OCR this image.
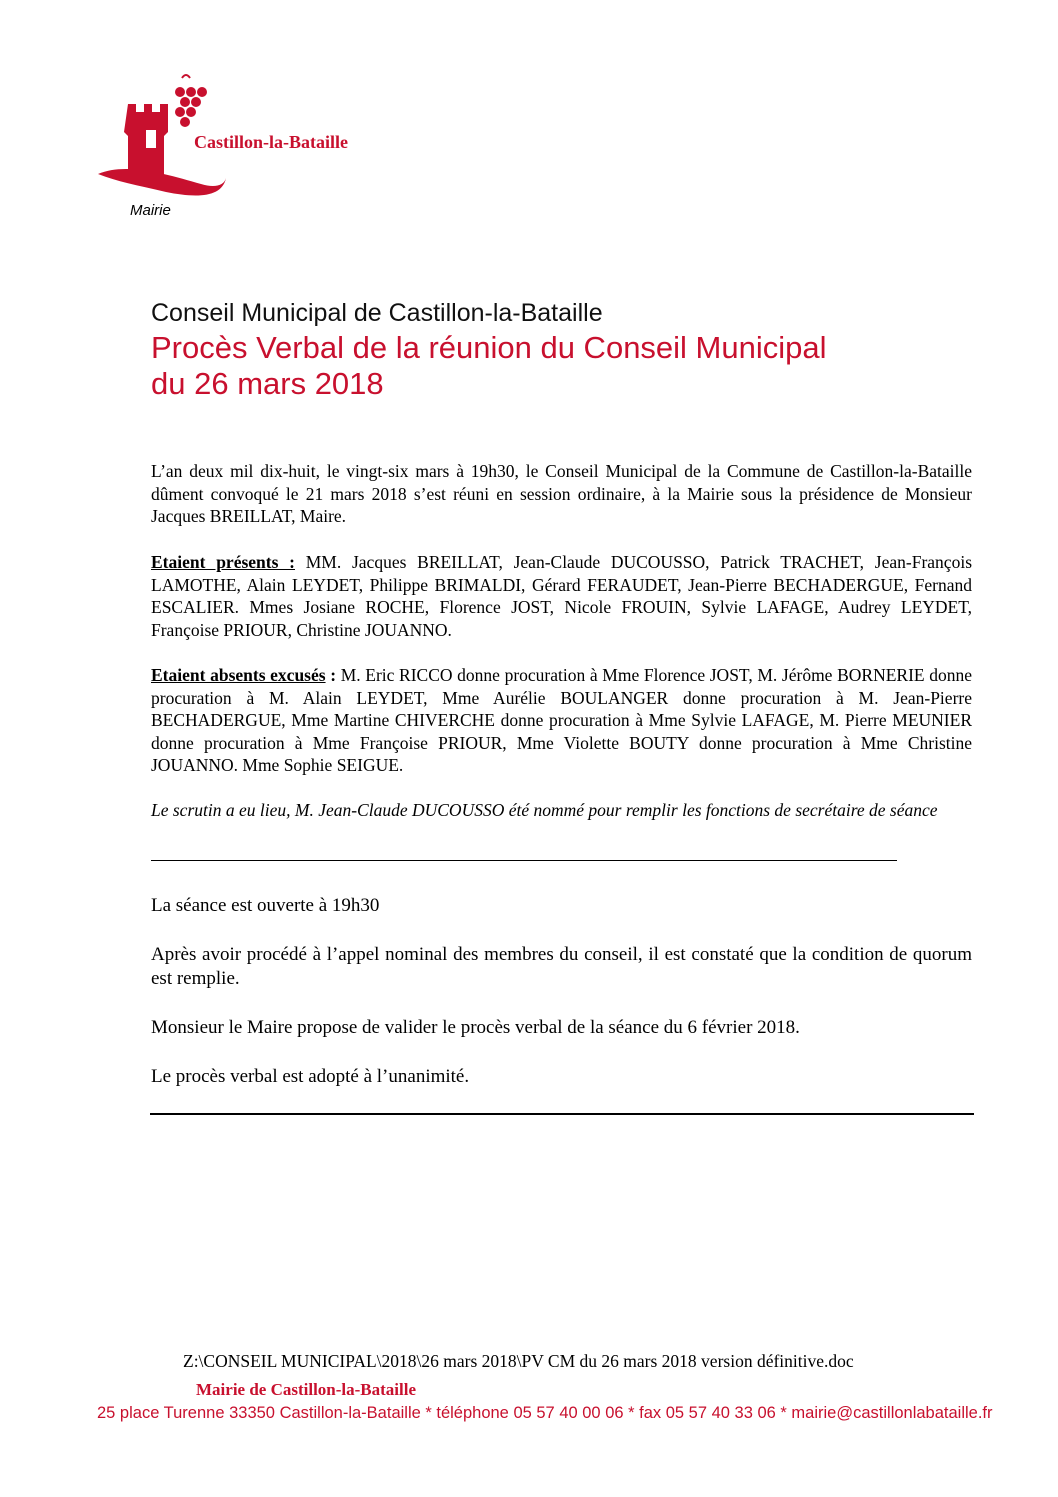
Castillon-la-Bataille
Mairie
Conseil Municipal de Castillon-la-Bataille
Procès Verbal de la réunion du Conseil Municipal
du 26 mars 2018

L’an deux mil dix-huit, le vingt-six mars à 19h30, le Conseil Municipal de la Commune de Castillon-la-Bataille dûment convoqué le 21 mars 2018 s’est réuni en session ordinaire, à la Mairie sous la présidence de Monsieur Jacques BREILLAT, Maire.

Etaient présents : MM. Jacques BREILLAT, Jean-Claude DUCOUSSO, Patrick TRACHET, Jean-François LAMOTHE, Alain LEYDET, Philippe BRIMALDI, Gérard FERAUDET, Jean-Pierre BECHADERGUE, Fernand ESCALIER. Mmes Josiane ROCHE, Florence JOST, Nicole FROUIN, Sylvie LAFAGE, Audrey LEYDET, Françoise PRIOUR, Christine JOUANNO.

Etaient absents excusés : M. Eric RICCO donne procuration à Mme Florence JOST, M. Jérôme BORNERIE donne procuration à M. Alain LEYDET, Mme Aurélie BOULANGER donne procuration à M. Jean-Pierre BECHADERGUE, Mme Martine CHIVERCHE donne procuration à Mme Sylvie LAFAGE, M. Pierre MEUNIER donne procuration à Mme Françoise PRIOUR, Mme Violette BOUTY donne procuration à Mme Christine JOUANNO. Mme Sophie SEIGUE.

Le scrutin a eu lieu, M. Jean-Claude DUCOUSSO été nommé pour remplir les fonctions de secrétaire de séance

La séance est ouverte à 19h30

Après avoir procédé à l’appel nominal des membres du conseil, il est constaté que la condition de quorum est remplie.

Monsieur le Maire propose de valider le procès verbal de la séance du 6 février 2018.

Le procès verbal est adopté à l’unanimité.

Z:\CONSEIL MUNICIPAL\2018\26 mars 2018\PV CM du 26 mars 2018 version définitive.doc

Mairie de Castillon-la-Bataille
25 place Turenne 33350 Castillon-la-Bataille * téléphone 05 57 40 00 06 * fax 05 57 40 33 06 * mairie@castillonlabataille.fr
